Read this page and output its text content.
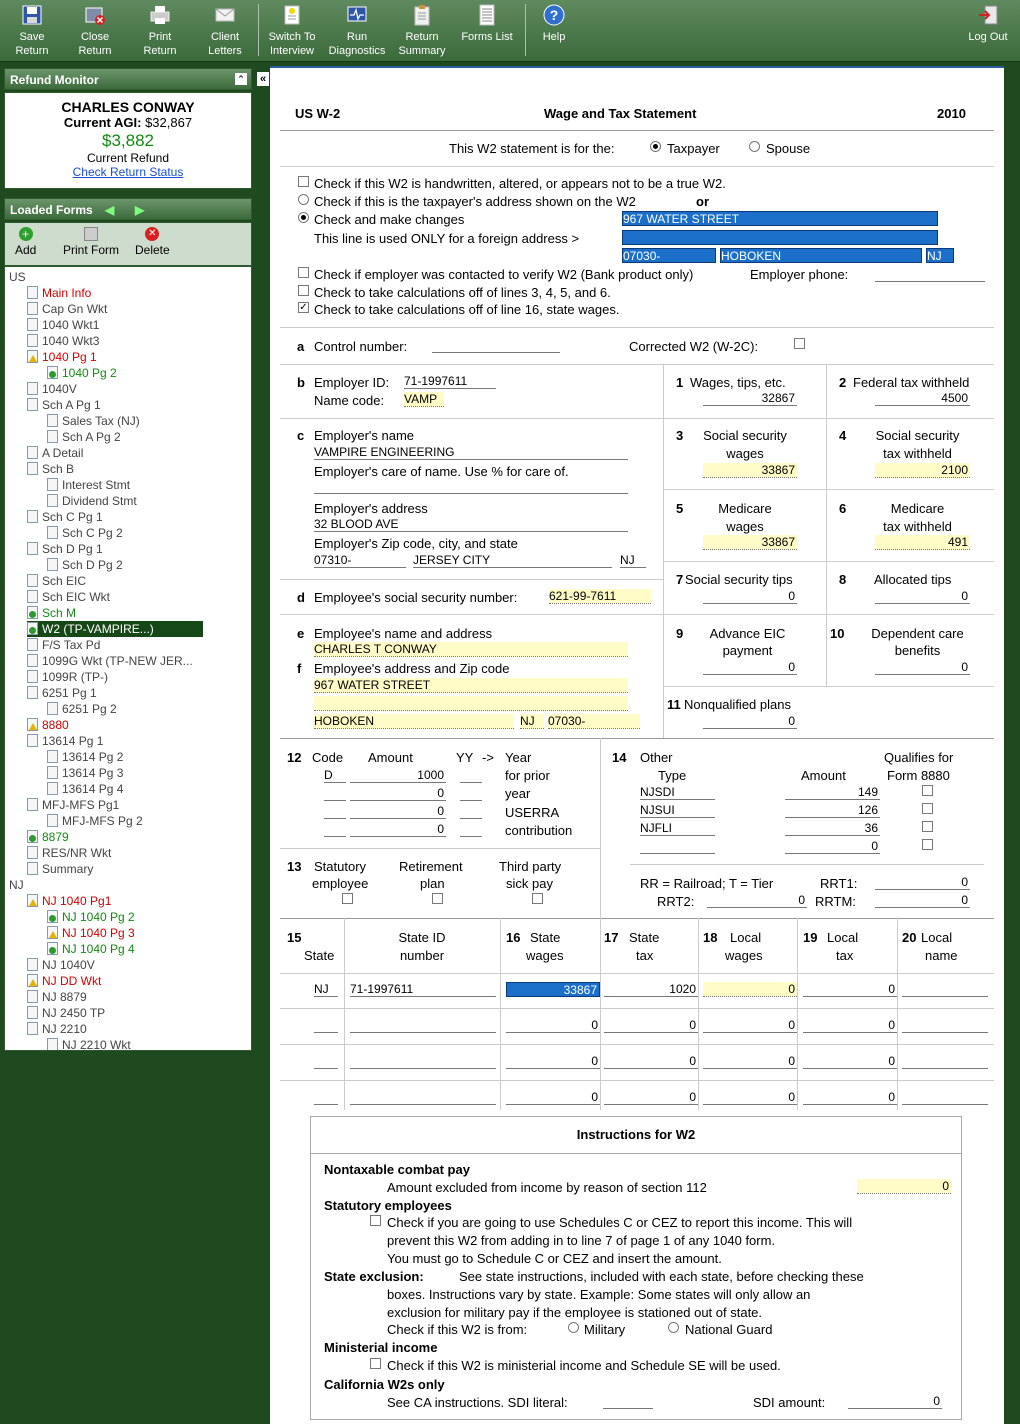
Save
Return
Close
Return
Print
Return
Client
Letters
Switch To
Interview
Run
Diagnostics
Return
Summary
Forms List
?
Help	Log Out
Refund Monitor	⌃
CHARLES CONWAY
Current AGI: $32,867
$3,882
Current Refund
Check Return Status
Loaded Forms ◀ ▶
+
Add Print Form
✕
Delete
US
Main Info
Cap Gn Wkt
1040 Wkt1
1040 Wkt3
1040 Pg 1
1040 Pg 2
1040V
Sch A Pg 1
Sales Tax (NJ)
Sch A Pg 2
A Detail
Sch B
Interest Stmt
Dividend Stmt
Sch C Pg 1
Sch C Pg 2
Sch D Pg 1
Sch D Pg 2
Sch EIC
Sch EIC Wkt
Sch M
W2 (TP-VAMPIRE...)
F/S Tax Pd
1099G Wkt (TP-NEW JER...
1099R (TP-)
6251 Pg 1
6251 Pg 2
8880
13614 Pg 1
13614 Pg 2
13614 Pg 3
13614 Pg 4
MFJ-MFS Pg1
MFJ-MFS Pg 2
8879
RES/NR Wkt
Summary
NJ
NJ 1040 Pg1
NJ 1040 Pg 2
NJ 1040 Pg 3
NJ 1040 Pg 4
NJ 1040V
NJ DD Wkt
NJ 8879
NJ 2450 TP
NJ 2210
NJ 2210 Wkt
«
US W-2	Wage and Tax Statement	2010
This W2 statement is for the:	Taxpayer	Spouse
Check if this W2 is handwritten, altered, or appears not to be a true W2.
Check if this is the taxpayer's address shown on the W2	or
Check and make changes	967 WATER STREET
This line is used ONLY for a foreign address >
07030-	HOBOKEN	NJ
Check if employer was contacted to verify W2 (Bank product only)	Employer phone:
Check to take calculations off of lines 3, 4, 5, and 6.
✓ Check to take calculations off of line 16, state wages.
a Control number:	Corrected W2 (W-2C):
b Employer ID: 71-1997611
Name code: VAMP
c Employer's name
VAMPIRE ENGINEERING
Employer's care of name. Use % for care of.
Employer's address
32 BLOOD AVE
Employer's Zip code, city, and state
07310-	JERSEY CITY	NJ
d Employee's social security number:	621-99-7611
e Employee's name and address
CHARLES T CONWAY
f Employee's address and Zip code
967 WATER STREET
HOBOKEN	NJ	07030-
1 Wages, tips, etc.
32867
2 Federal tax withheld
4500
3	Social security
wages
33867
4	Social security
tax withheld
2100
5	Medicare
wages
33867
6	Medicare
tax withheld
491
7 Social security tips
0
8 Allocated tips
0
9	Advance EIC
payment
0
10	Dependent care
benefits
0
11 Nonqualified plans
0
12 Code Amount	YY -> Year
for prior
year
USERRA
contribution
D	1000
0
0
0
14 Other
Type	Amount
Qualifies for
Form 8880
NJSDI	149
NJSUI	126
NJFLI	36
0
13 Statutory
employee
Retirement
plan
Third party
sick pay	RR = Railroad; T = Tier	RRT1:	0
RRT2:	0 RRTM:	0
15
State
State ID
number
16 State
wages
17 State
tax
18 Local
wages
19 Local
tax
20 Local
name
NJ	71-1997611	33867	1020	0	0
0	0	0	0
0	0	0	0
0	0	0	0
Instructions for W2
Nontaxable combat pay
Amount excluded from income by reason of section 112	0
Statutory employees
Check if you are going to use Schedules C or CEZ to report this income. This will
prevent this W2 from adding in to line 7 of page 1 of any 1040 form.
You must go to Schedule C or CEZ and insert the amount.
State exclusion:	See state instructions, included with each state, before checking these
boxes. Instructions vary by state. Example: Some states will only allow an
exclusion for military pay if the employee is stationed out of state.
Check if this W2 is from:	Military	National Guard
Ministerial income
Check if this W2 is ministerial income and Schedule SE will be used.
California W2s only
See CA instructions. SDI literal:	SDI amount:	0
